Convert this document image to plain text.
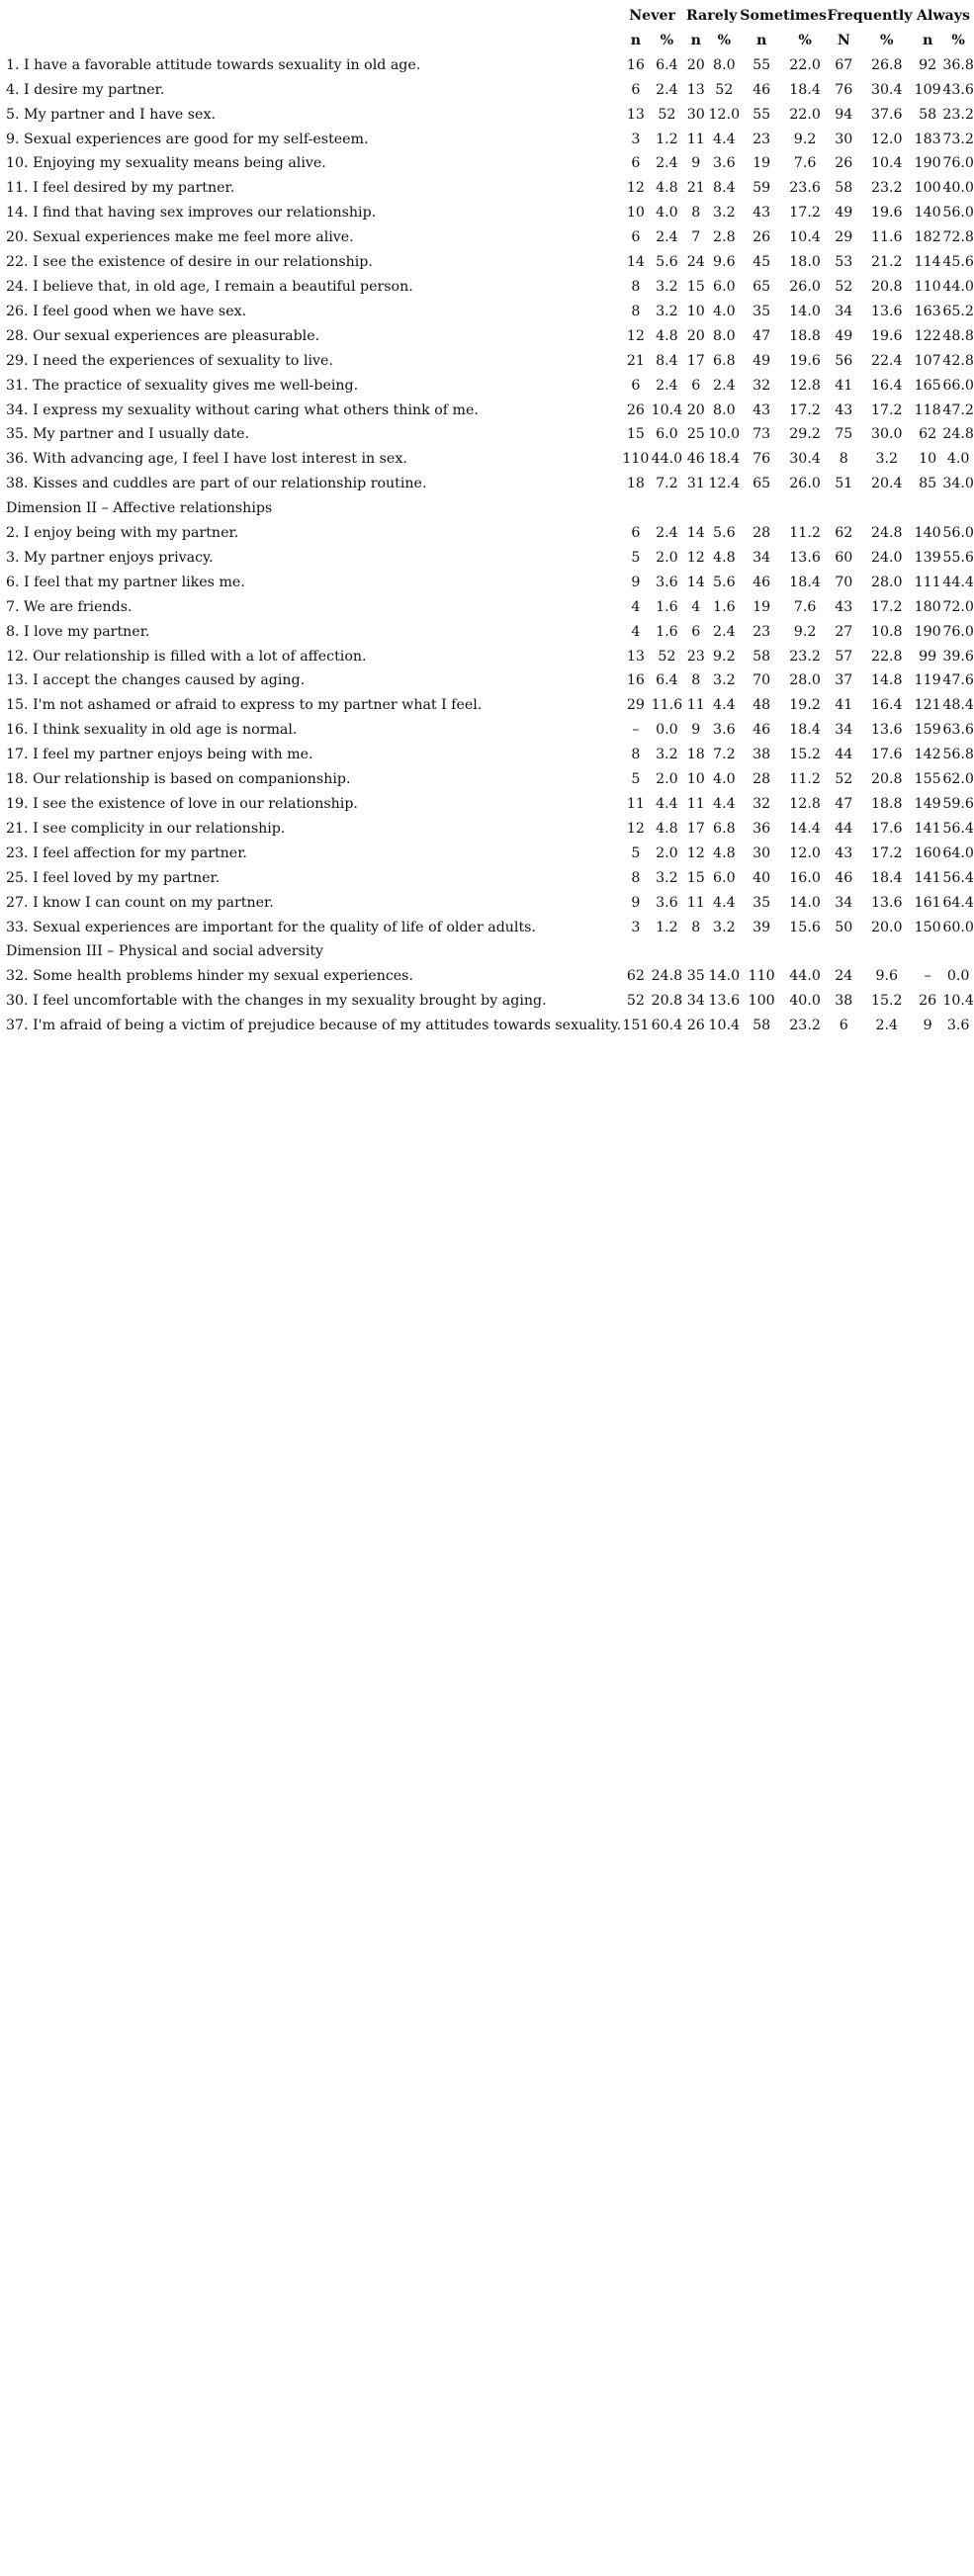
	Never		Rarely		Sometimes		Frequently		Always	
	n	%	n	%	n	%	N	%	n	%
1. I have a favorable attitude towards sexuality in old age.	16	6.4	20	8.0	55	22.0	67	26.8	92	36.8
4. I desire my partner.	6	2.4	13	52	46	18.4	76	30.4	109	43.6
5. My partner and I have sex.	13	52	30	12.0	55	22.0	94	37.6	58	23.2
9. Sexual experiences are good for my self-esteem.	3	1.2	11	4.4	23	9.2	30	12.0	183	73.2
10. Enjoying my sexuality means being alive.	6	2.4	9	3.6	19	7.6	26	10.4	190	76.0
11. I feel desired by my partner.	12	4.8	21	8.4	59	23.6	58	23.2	100	40.0
14. I find that having sex improves our relationship.	10	4.0	8	3.2	43	17.2	49	19.6	140	56.0
20. Sexual experiences make me feel more alive.	6	2.4	7	2.8	26	10.4	29	11.6	182	72.8
22. I see the existence of desire in our relationship.	14	5.6	24	9.6	45	18.0	53	21.2	114	45.6
24. I believe that, in old age, I remain a beautiful person.	8	3.2	15	6.0	65	26.0	52	20.8	110	44.0
26. I feel good when we have sex.	8	3.2	10	4.0	35	14.0	34	13.6	163	65.2
28. Our sexual experiences are pleasurable.	12	4.8	20	8.0	47	18.8	49	19.6	122	48.8
29. I need the experiences of sexuality to live.	21	8.4	17	6.8	49	19.6	56	22.4	107	42.8
31. The practice of sexuality gives me well-being.	6	2.4	6	2.4	32	12.8	41	16.4	165	66.0
34. I express my sexuality without caring what others think of me.	26	10.4	20	8.0	43	17.2	43	17.2	118	47.2
35. My partner and I usually date.	15	6.0	25	10.0	73	29.2	75	30.0	62	24.8
36. With advancing age, I feel I have lost interest in sex.	110	44.0	46	18.4	76	30.4	8	3.2	10	4.0
38. Kisses and cuddles are part of our relationship routine.	18	7.2	31	12.4	65	26.0	51	20.4	85	34.0
Dimension II – Affective relationships										
2. I enjoy being with my partner.	6	2.4	14	5.6	28	11.2	62	24.8	140	56.0
3. My partner enjoys privacy.	5	2.0	12	4.8	34	13.6	60	24.0	139	55.6
6. I feel that my partner likes me.	9	3.6	14	5.6	46	18.4	70	28.0	111	44.4
7. We are friends.	4	1.6	4	1.6	19	7.6	43	17.2	180	72.0
8. I love my partner.	4	1.6	6	2.4	23	9.2	27	10.8	190	76.0
12. Our relationship is filled with a lot of affection.	13	52	23	9.2	58	23.2	57	22.8	99	39.6
13. I accept the changes caused by aging.	16	6.4	8	3.2	70	28.0	37	14.8	119	47.6
15. I'm not ashamed or afraid to express to my partner what I feel.	29	11.6	11	4.4	48	19.2	41	16.4	121	48.4
16. I think sexuality in old age is normal.	–	0.0	9	3.6	46	18.4	34	13.6	159	63.6
17. I feel my partner enjoys being with me.	8	3.2	18	7.2	38	15.2	44	17.6	142	56.8
18. Our relationship is based on companionship.	5	2.0	10	4.0	28	11.2	52	20.8	155	62.0
19. I see the existence of love in our relationship.	11	4.4	11	4.4	32	12.8	47	18.8	149	59.6
21. I see complicity in our relationship.	12	4.8	17	6.8	36	14.4	44	17.6	141	56.4
23. I feel affection for my partner.	5	2.0	12	4.8	30	12.0	43	17.2	160	64.0
25. I feel loved by my partner.	8	3.2	15	6.0	40	16.0	46	18.4	141	56.4
27. I know I can count on my partner.	9	3.6	11	4.4	35	14.0	34	13.6	161	64.4
33. Sexual experiences are important for the quality of life of older adults.	3	1.2	8	3.2	39	15.6	50	20.0	150	60.0
Dimension III – Physical and social adversity										
32. Some health problems hinder my sexual experiences.	62	24.8	35	14.0	110	44.0	24	9.6	–	0.0
30. I feel uncomfortable with the changes in my sexuality brought by aging.	52	20.8	34	13.6	100	40.0	38	15.2	26	10.4
37. I'm afraid of being a victim of prejudice because of my attitudes towards sexuality.	151	60.4	26	10.4	58	23.2	6	2.4	9	3.6
